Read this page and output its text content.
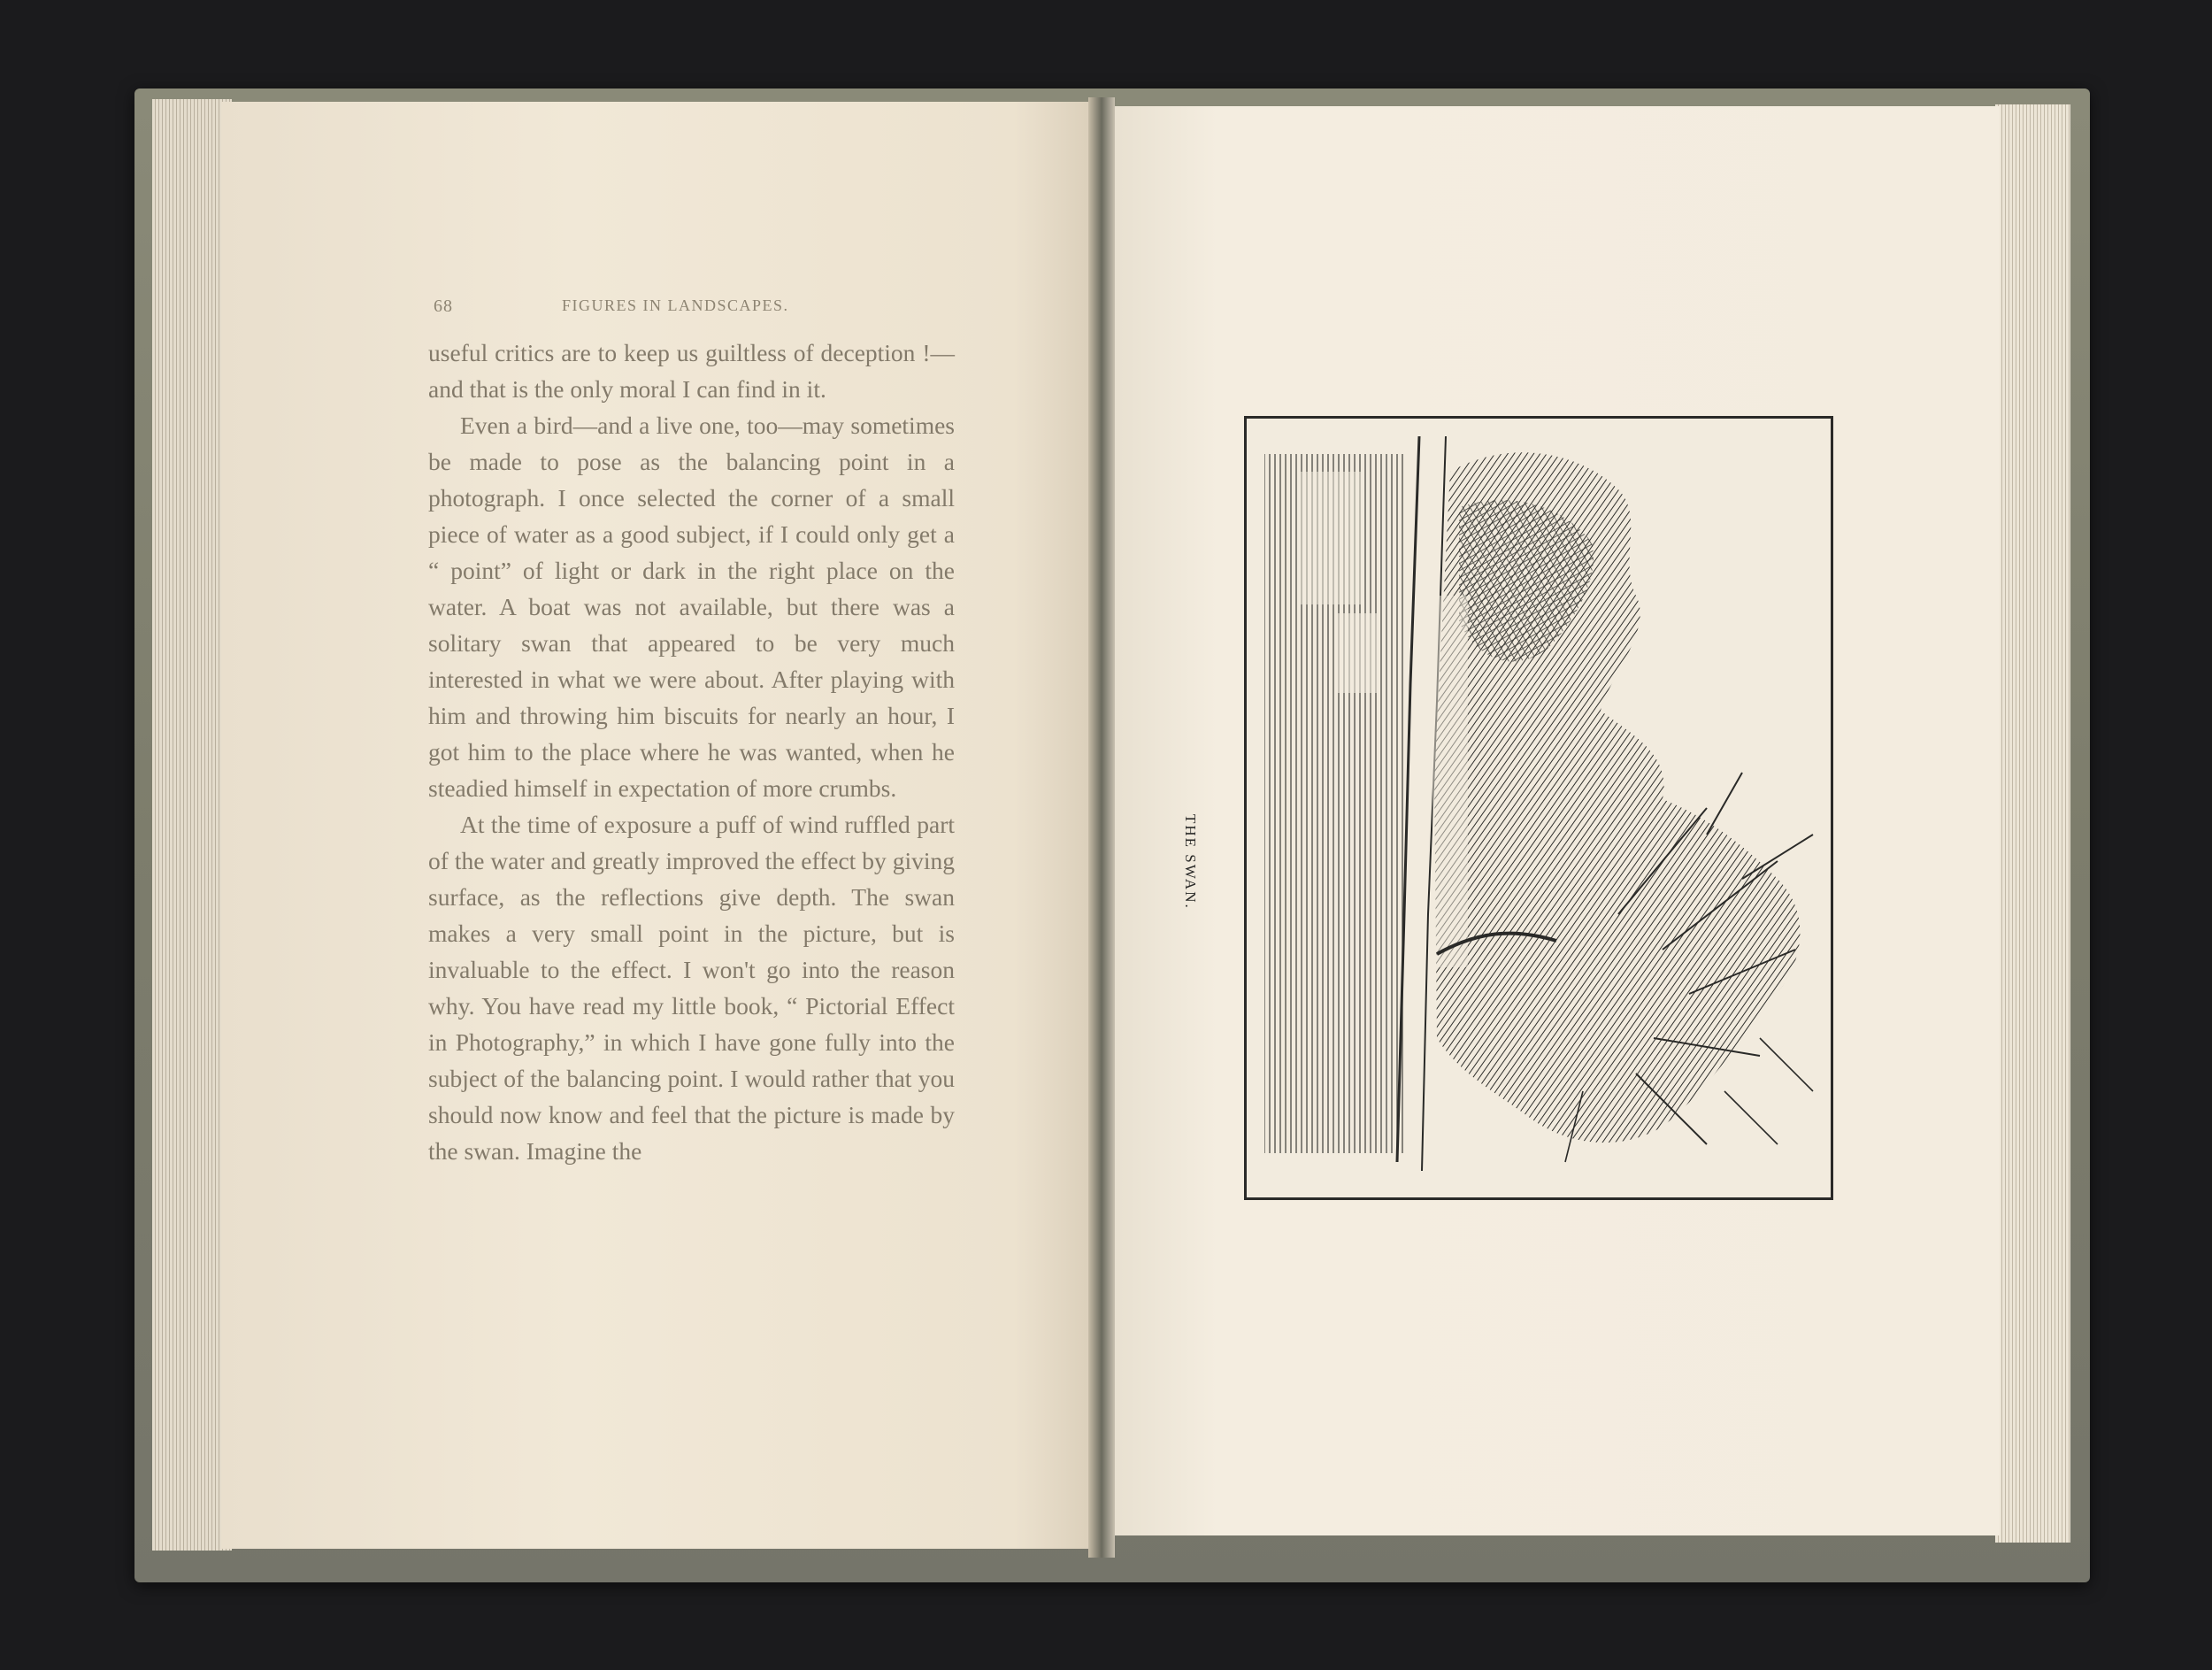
68	FIGURES IN LANDSCAPES.

useful critics are to keep us guiltless of deception !—and that is the only moral I can find in it.

Even a bird—and a live one, too—may sometimes be made to pose as the balancing point in a photograph. I once selected the corner of a small piece of water as a good subject, if I could only get a “ point” of light or dark in the right place on the water. A boat was not available, but there was a solitary swan that appeared to be very much interested in what we were about. After playing with him and throwing him biscuits for nearly an hour, I got him to the place where he was wanted, when he steadied himself in expectation of more crumbs.

At the time of exposure a puff of wind ruffled part of the water and greatly improved the effect by giving surface, as the reflections give depth. The swan makes a very small point in the picture, but is invaluable to the effect. I won't go into the reason why. You have read my little book, “ Pictorial Effect in Photography,” in which I have gone fully into the subject of the balancing point. I would rather that you should now know and feel that the picture is made by the swan. Imagine the

THE SWAN.
